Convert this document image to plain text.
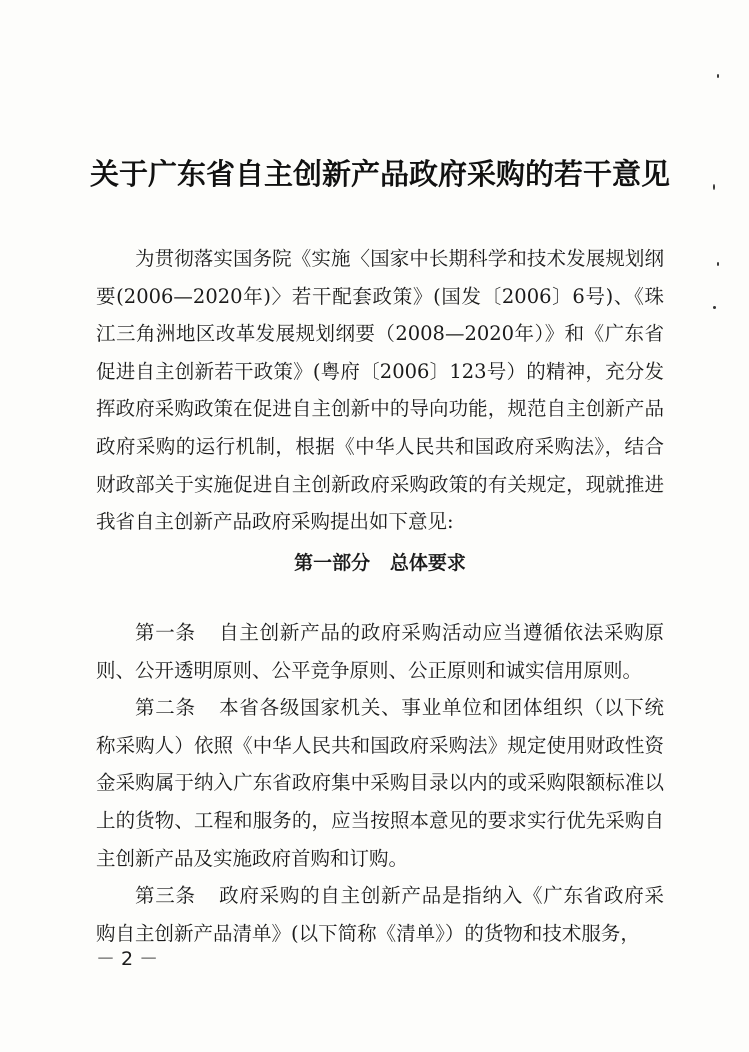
关于广东省自主创新产品政府采购的若干意见

为贯彻落实国务院《实施〈国家中长期科学和技术发展规划纲要(2006—2020年)〉若干配套政策》(国发〔2006〕6号)、《珠江三角洲地区改革发展规划纲要（2008—2020年）》和《广东省促进自主创新若干政策》(粤府〔2006〕123号）的精神，充分发挥政府采购政策在促进自主创新中的导向功能，规范自主创新产品政府采购的运行机制，根据《中华人民共和国政府采购法》，结合财政部关于实施促进自主创新政府采购政策的有关规定，现就推进我省自主创新产品政府采购提出如下意见:

第一部分   总体要求

第一条 自主创新产品的政府采购活动应当遵循依法采购原则、公开透明原则、公平竞争原则、公正原则和诚实信用原则。

第二条 本省各级国家机关、事业单位和团体组织（以下统称采购人）依照《中华人民共和国政府采购法》规定使用财政性资金采购属于纳入广东省政府集中采购目录以内的或采购限额标准以上的货物、工程和服务的，应当按照本意见的要求实行优先采购自主创新产品及实施政府首购和订购。

第三条 政府采购的自主创新产品是指纳入《广东省政府采购自主创新产品清单》(以下简称《清单》）的货物和技术服务，

－ 2 －
